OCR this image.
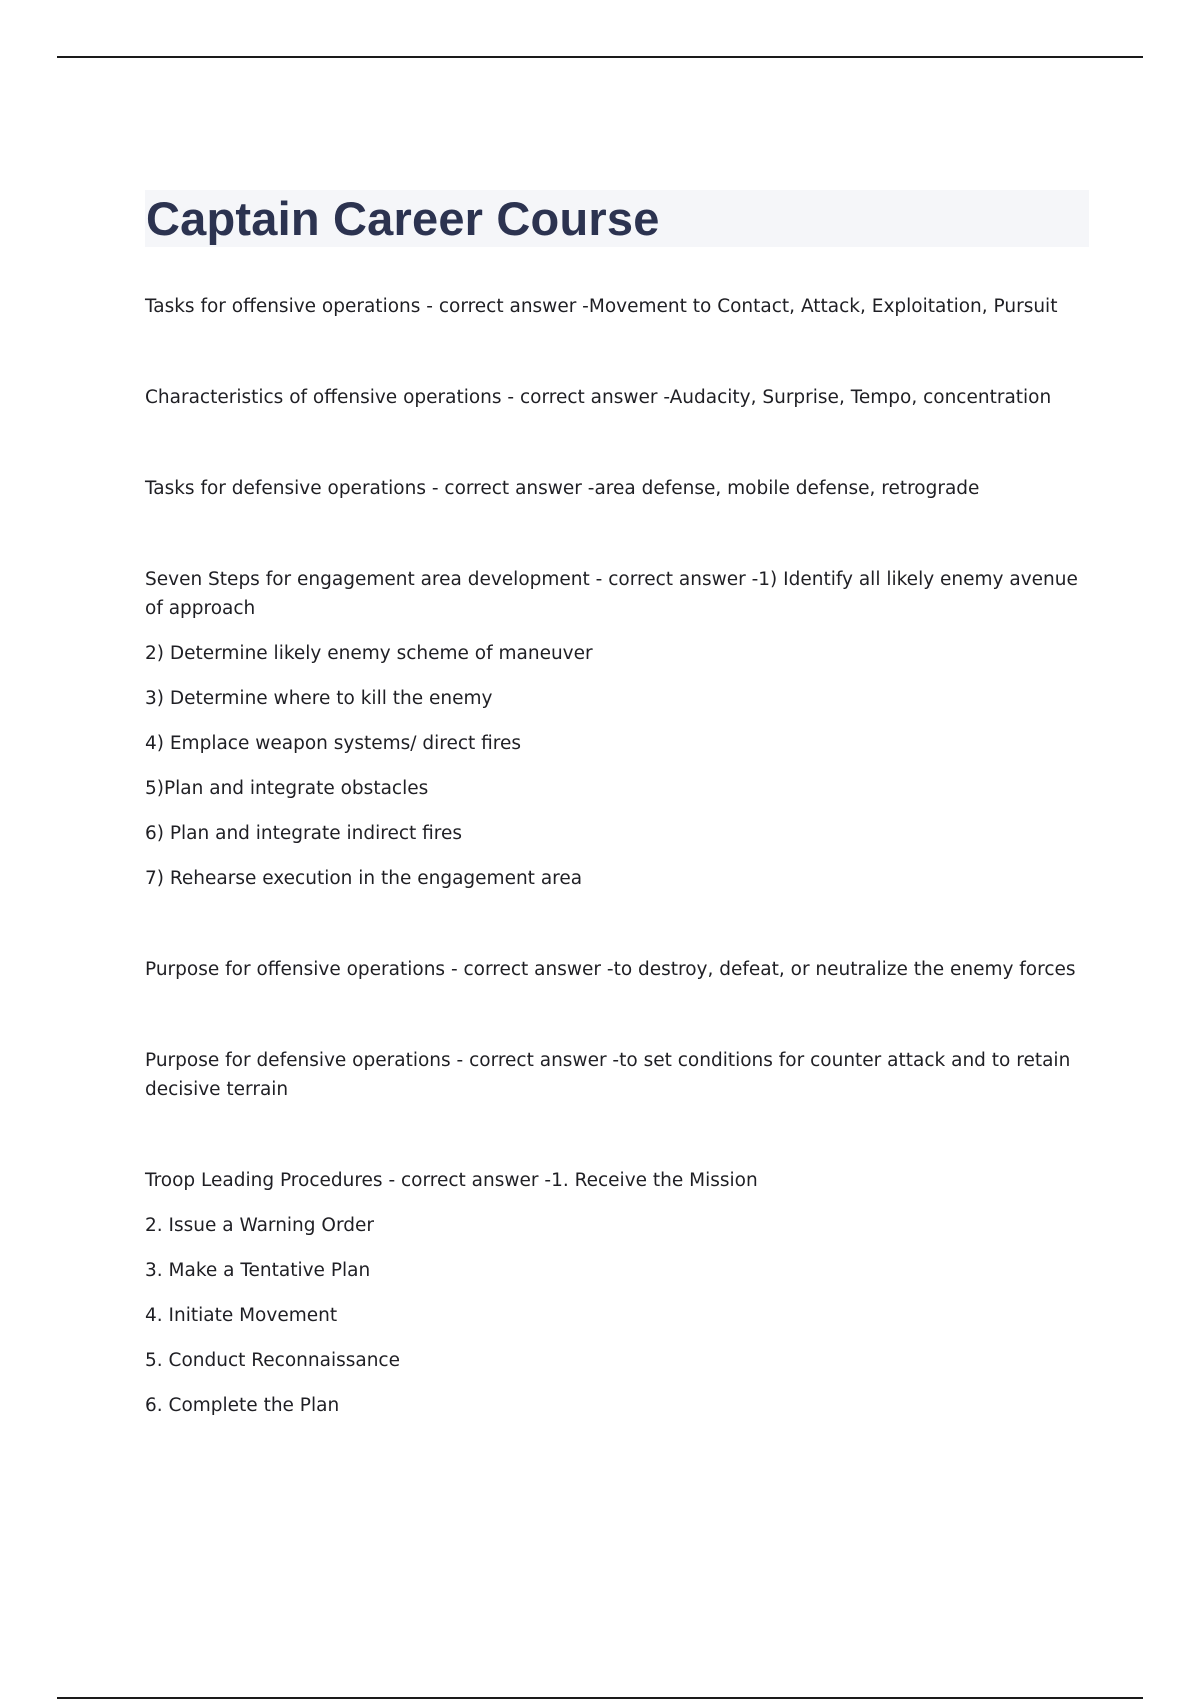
Captain Career Course

Tasks for offensive operations - correct answer -Movement to Contact, Attack, Exploitation, Pursuit

Characteristics of offensive operations - correct answer -Audacity, Surprise, Tempo, concentration

Tasks for defensive operations - correct answer -area defense, mobile defense, retrograde

Seven Steps for engagement area development - correct answer -1) Identify all likely enemy avenue of approach

2) Determine likely enemy scheme of maneuver

3) Determine where to kill the enemy

4) Emplace weapon systems/ direct fires

5)Plan and integrate obstacles

6) Plan and integrate indirect fires

7) Rehearse execution in the engagement area

Purpose for offensive operations - correct answer -to destroy, defeat, or neutralize the enemy forces

Purpose for defensive operations - correct answer -to set conditions for counter attack and to retain decisive terrain

Troop Leading Procedures - correct answer -1. Receive the Mission

2. Issue a Warning Order

3. Make a Tentative Plan

4. Initiate Movement

5. Conduct Reconnaissance

6. Complete the Plan
